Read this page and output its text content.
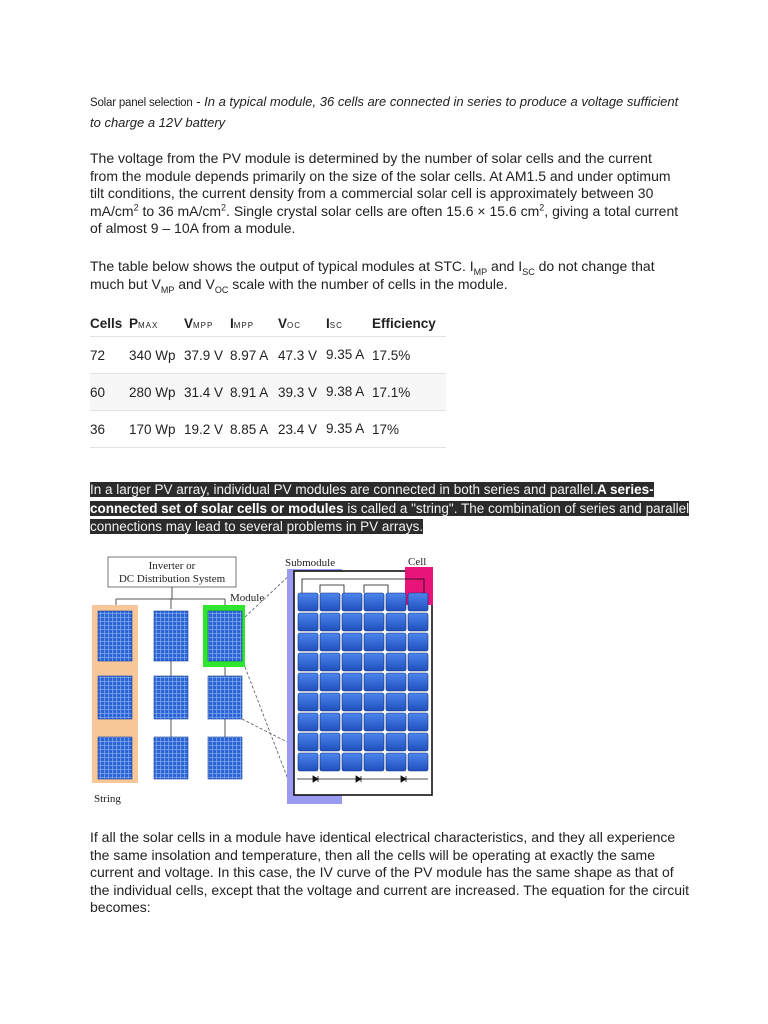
Solar panel selection - In a typical module, 36 cells are connected in series to produce a voltage sufficient to charge a 12V battery
The voltage from the PV module is determined by the number of solar cells and the current from the module depends primarily on the size of the solar cells. At AM1.5 and under optimum tilt conditions, the current density from a commercial solar cell is approximately between 30 $mA/cm^2$ to 36 $mA/cm^2$. Single crystal solar cells are often 15.6 × 15.6 $cm^2$, giving a total current of almost 9 – 10A from a module.
The table below shows the output of typical modules at STC. $I_{MP}$ and $I_{SC}$ do not change that much but $V_{MP}$ and $V_{OC}$ scale with the number of cells in the module.
Cells	PMAX	VMPP	IMPP	VOC	ISC	Efficiency
72	340 Wp	37.9 V	8.97 A	47.3 V	9.35 A	17.5%
60	280 Wp	31.4 V	8.91 A	39.3 V	9.38 A	17.1%
36	170 Wp	19.2 V	8.85 A	23.4 V	9.35 A	17%
In a larger PV array, individual PV modules are connected in both series and parallel.A series-connected set of solar cells or modules is called a "string". The combination of series and parallel connections may lead to several problems in PV arrays.
Inverter or
DC Distribution System
Module
String
Submodule	Cell
If all the solar cells in a module have identical electrical characteristics, and they all experience the same insolation and temperature, then all the cells will be operating at exactly the same current and voltage. In this case, the IV curve of the PV module has the same shape as that of the individual cells, except that the voltage and current are increased. The equation for the circuit becomes:
